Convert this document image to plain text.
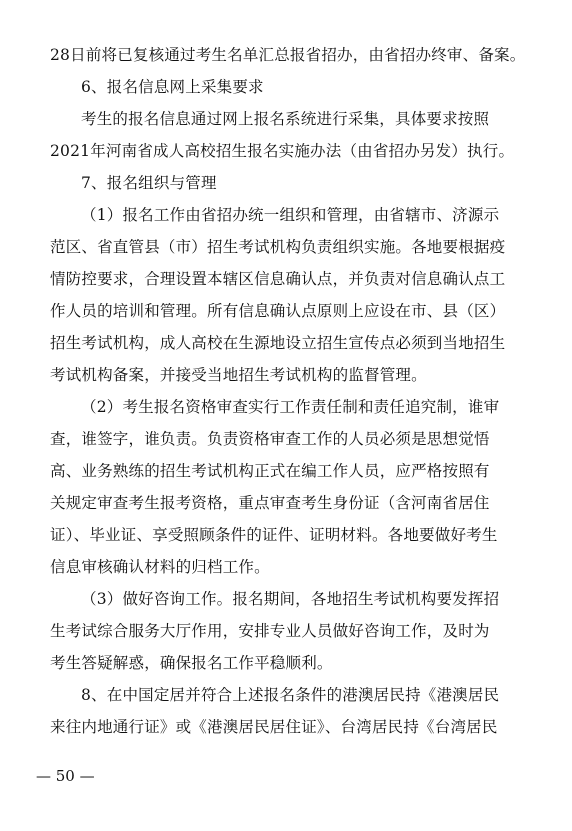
28日前将已复核通过考生名单汇总报省招办，由省招办终审、备案。
6、报名信息网上采集要求
考生的报名信息通过网上报名系统进行采集，具体要求按照
2021年河南省成人高校招生报名实施办法（由省招办另发）执行。
7、报名组织与管理
（1）报名工作由省招办统一组织和管理，由省辖市、济源示
范区、省直管县（市）招生考试机构负责组织实施。各地要根据疫
情防控要求，合理设置本辖区信息确认点，并负责对信息确认点工
作人员的培训和管理。所有信息确认点原则上应设在市、县（区）
招生考试机构，成人高校在生源地设立招生宣传点必须到当地招生
考试机构备案，并接受当地招生考试机构的监督管理。
（2）考生报名资格审查实行工作责任制和责任追究制，谁审
查，谁签字，谁负责。负责资格审查工作的人员必须是思想觉悟
高、业务熟练的招生考试机构正式在编工作人员，应严格按照有
关规定审查考生报考资格，重点审查考生身份证（含河南省居住
证）、毕业证、享受照顾条件的证件、证明材料。各地要做好考生
信息审核确认材料的归档工作。
（3）做好咨询工作。报名期间，各地招生考试机构要发挥招
生考试综合服务大厅作用，安排专业人员做好咨询工作，及时为
考生答疑解惑，确保报名工作平稳顺利。
8、在中国定居并符合上述报名条件的港澳居民持《港澳居民
来往内地通行证》或《港澳居民居住证》、台湾居民持《台湾居民
— 50 —
